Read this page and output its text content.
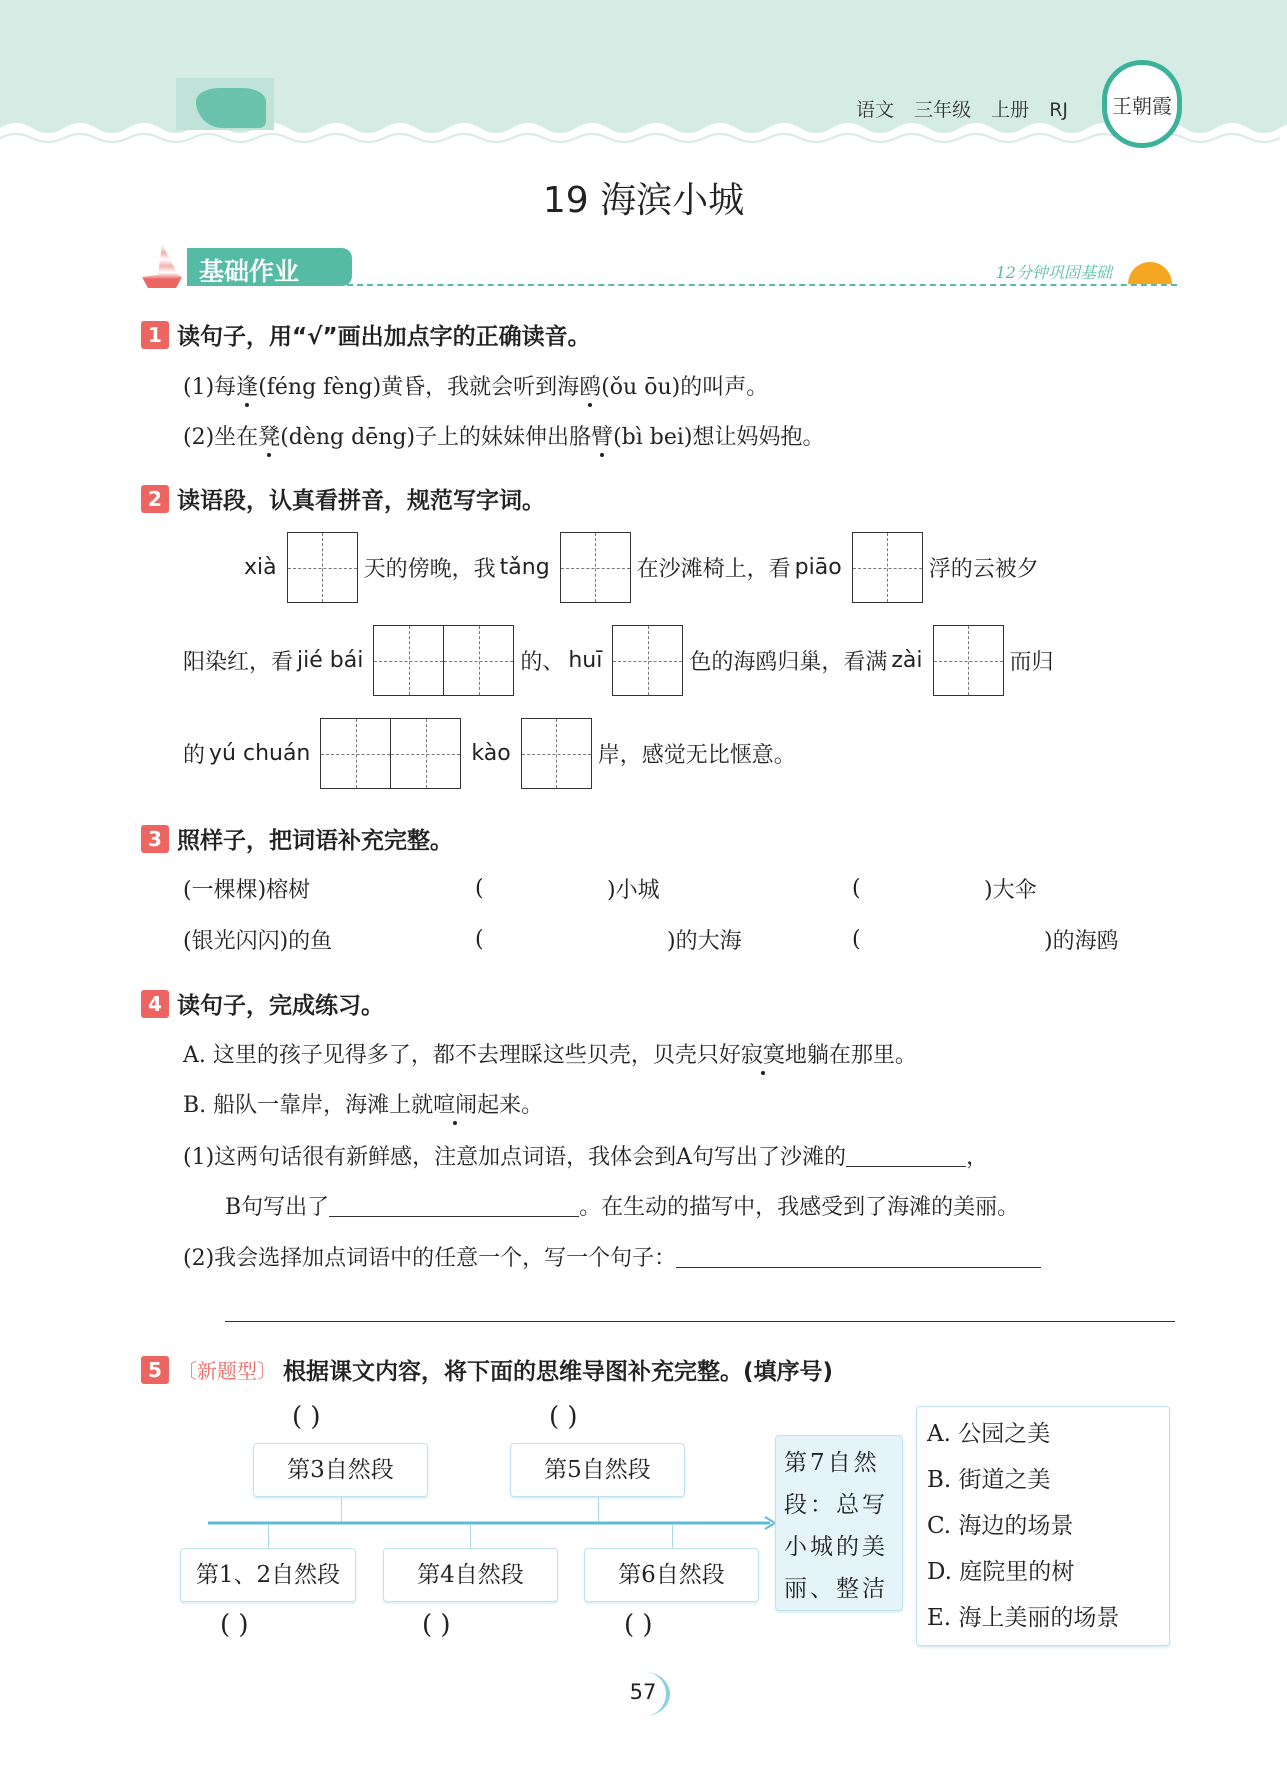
语文 三年级 上册 RJ 王朝霞
19 海滨小城
基础作业	12分钟巩固基础
1 读句子，用“√”画出加点字的正确读音。
(1)每 逢 (féng fèng)黄昏，我就会听到海 鸥 (ǒu ōu)的叫声。
(2)坐在 凳 (dèng dēng)子上的妹妹伸出胳 臂 (bì bei)想让妈妈抱。
2 读语段，认真看拼音，规范写字词。
xià	天的傍晚，我 tǎng	在沙滩椅上，看 piāo	浮的云被夕
阳染红，看 jié bái	的、 huī	色的海鸥归巢，看满 zài	而归
的 yú chuán	kào	岸，感觉无比惬意。
3 照样子，把词语补充完整。
(一棵棵)榕树	(	)小城	(	)大伞
(银光闪闪)的鱼	(	)的大海	(	)的海鸥
4 读句子，完成练习。
A. 这里的孩子见得多了，都不去理睬这些贝壳，贝壳只好 寂寞 地躺在那里。
B. 船队一靠岸，海滩上就 喧闹 起来。
(1)这两句话很有新鲜感，注意加点词语，我体会到A句写出了沙滩的	，
B句写出了	。在生动的描写中，我感受到了海滩的美丽。
(2)我会选择加点词语中的任意一个，写一个句子：
5 〔新题型〕 根据课文内容，将下面的思维导图补充完整。(填序号)
( )	( )
第3自然段	第5自然段
第1、2自然段	第4自然段	第6自然段
( )	( )	( )
第7自然段：总写小城的美丽、整洁
A. 公园之美
B. 街道之美
C. 海边的场景
D. 庭院里的树
E. 海上美丽的场景
57
